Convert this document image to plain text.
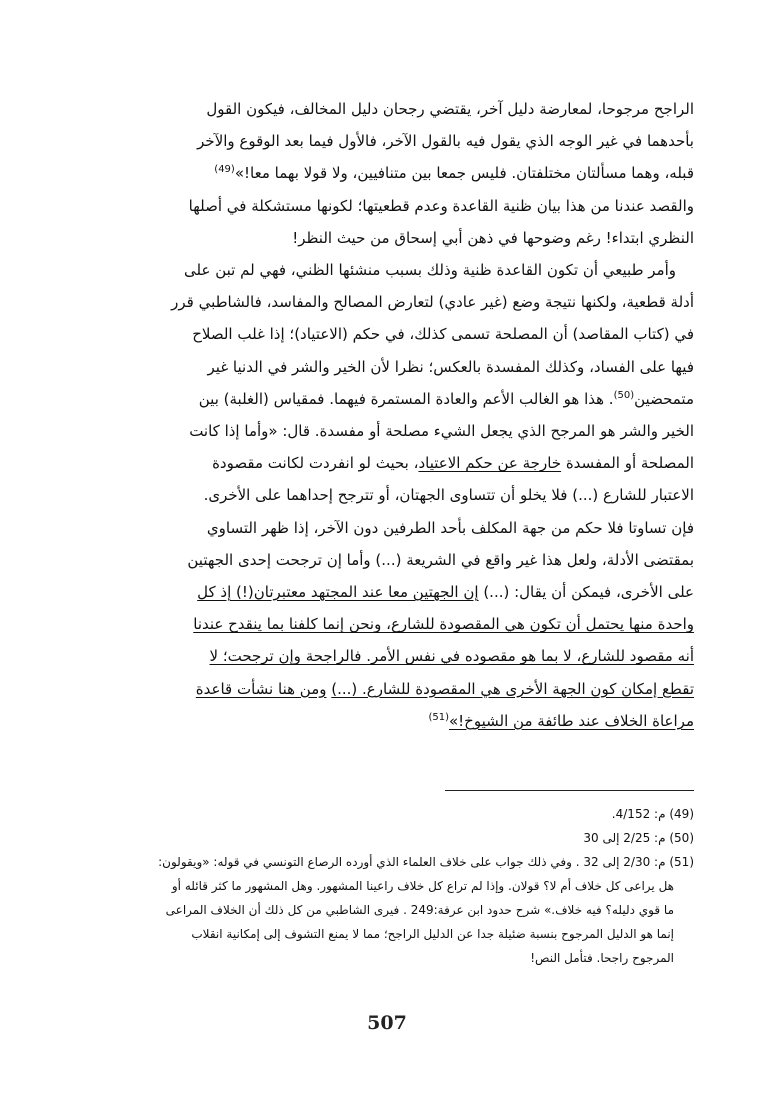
الراجح مرجوحا، لمعارضة دليل آخر، يقتضي رجحان دليل المخالف، فيكون القول
بأحدهما في غير الوجه الذي يقول فيه بالقول الآخر، فالأول فيما بعد الوقوع والآخر
قبله، وهما مسألتان مختلفتان. فليس جمعا بين متنافيين، ولا قولا بهما معا!»$^{(49)}$
والقصد عندنا من هذا بيان ظنية القاعدة وعدم قطعيتها؛ لكونها مستشكلة في أصلها
النظري ابتداء! رغم وضوحها في ذهن أبي إسحاق من حيث النظر!
وأمر طبيعي أن تكون القاعدة ظنية وذلك بسبب منشئها الظني، فهي لم تبن على
أدلة قطعية، ولكنها نتيجة وضع (غير عادي) لتعارض المصالح والمفاسد، فالشاطبي قرر
في (كتاب المقاصد) أن المصلحة تسمى كذلك، في حكم (الاعتياد)؛ إذا غلب الصلاح
فيها على الفساد، وكذلك المفسدة بالعكس؛ نظرا لأن الخير والشر في الدنيا غير
متمحضين$^{(50)}$. هذا هو الغالب الأعم والعادة المستمرة فيهما. فمقياس (الغلبة) بين
الخير والشر هو المرجح الذي يجعل الشيء مصلحة أو مفسدة. قال: «وأما إذا كانت
المصلحة أو المفسدة خارجة عن حكم الاعتياد، بحيث لو انفردت لكانت مقصودة
الاعتبار للشارع (...) فلا يخلو أن تتساوى الجهتان، أو تترجح إحداهما على الأخرى.
فإن تساوتا فلا حكم من جهة المكلف بأحد الطرفين دون الآخر، إذا ظهر التساوي
بمقتضى الأدلة، ولعل هذا غير واقع في الشريعة (...) وأما إن ترجحت إحدى الجهتين
على الأخرى، فيمكن أن يقال: (...) إن الجهتين معا عند المجتهد معتبرتان(!) إذ كل
واحدة منها يحتمل أن تكون هي المقصودة للشارع، ونحن إنما كلفنا بما ينقدح عندنا
أنه مقصود للشارع، لا بما هو مقصوده في نفس الأمر. فالراجحة وإن ترجحت؛ لا
تقطع إمكان كون الجهة الأخرى هي المقصودة للشارع. (...) ومن هنا نشأت قاعدة
مراعاة الخلاف عند طائفة من الشيوخ!»$^{(51)}$
(49) م: 4/152.
(50) م: 2/25 إلى 30
(51) م: 2/30 إلى 32 . وفي ذلك جواب على خلاف العلماء الذي أورده الرصاع التونسي في قوله: «ويقولون:
هل يراعى كل خلاف أم لا؟ قولان. وإذا لم تراع كل خلاف راعينا المشهور. وهل المشهور ما كثر قائله أو
ما قوي دليله؟ فيه خلاف.» شرح حدود ابن عرفة:249 . فيرى الشاطبي من كل ذلك أن الخلاف المراعى
إنما هو الدليل المرجوح بنسبة ضئيلة جدا عن الدليل الراجح؛ مما لا يمنع التشوف إلى إمكانية انقلاب
المرجوح راجحا. فتأمل النص!
507
